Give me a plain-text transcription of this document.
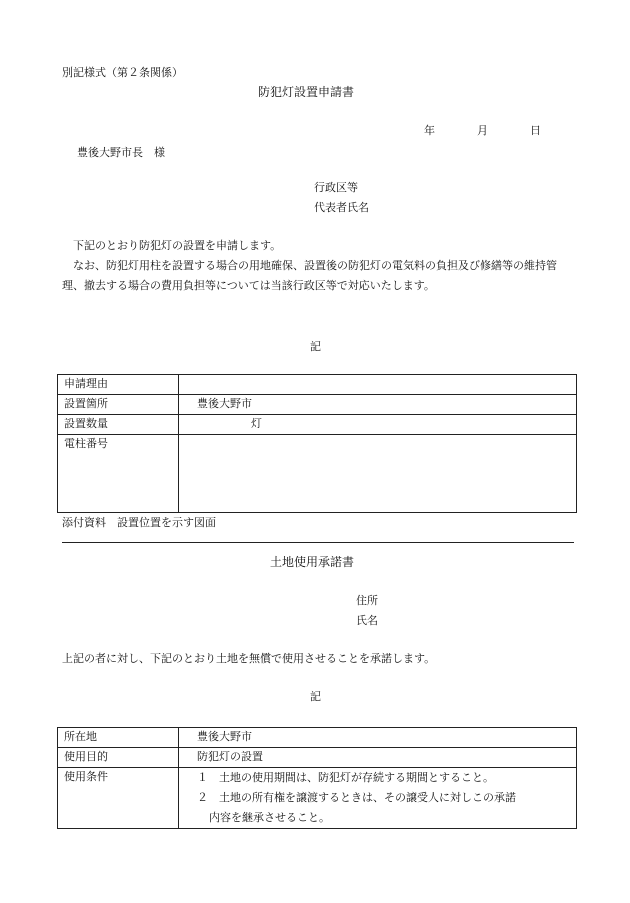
別記様式（第２条関係）
防犯灯設置申請書
年	月	日
豊後大野市長　様
行政区等
代表者氏名
下記のとおり防犯灯の設置を申請します。
なお、防犯灯用柱を設置する場合の用地確保、設置後の防犯灯の電気料の負担及び修繕等の維持管理、撤去する場合の費用負担等については当該行政区等で対応いたします。
記
申請理由	
設置箇所	豊後大野市
設置数量	灯
電柱番号	
添付資料　設置位置を示す図面
土地使用承諾書
住所
氏名
上記の者に対し、下記のとおり土地を無償で使用させることを承諾します。
記
所在地	豊後大野市
使用目的	防犯灯の設置
使用条件	１　土地の使用期間は、防犯灯が存続する期間とすること。
２　土地の所有権を譲渡するときは、その譲受人に対しこの承諾
内容を継承させること。
